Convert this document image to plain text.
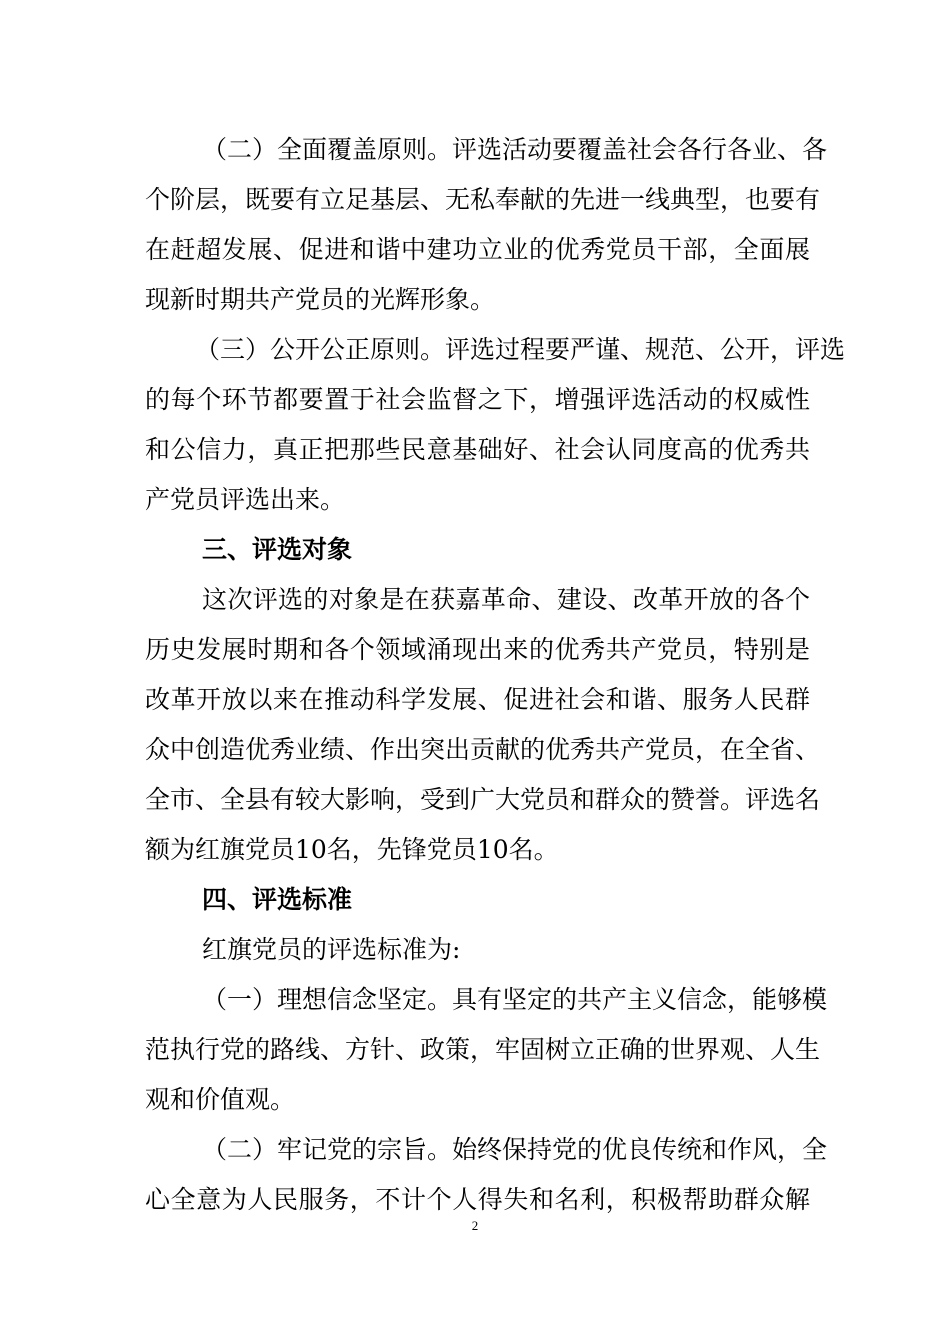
（二）全面覆盖原则。评选活动要覆盖社会各行各业、各
个阶层，既要有立足基层、无私奉献的先进一线典型，也要有
在赶超发展、促进和谐中建功立业的优秀党员干部，全面展
现新时期共产党员的光辉形象。
（三）公开公正原则。评选过程要严谨、规范、公开，评选
的每个环节都要置于社会监督之下，增强评选活动的权威性
和公信力，真正把那些民意基础好、社会认同度高的优秀共
产党员评选出来。
三、评选对象
这次评选的对象是在获嘉革命、建设、改革开放的各个
历史发展时期和各个领域涌现出来的优秀共产党员，特别是
改革开放以来在推动科学发展、促进社会和谐、服务人民群
众中创造优秀业绩、作出突出贡献的优秀共产党员，在全省、
全市、全县有较大影响，受到广大党员和群众的赞誉。评选名
额为红旗党员10名，先锋党员10名。
四、评选标准
红旗党员的评选标准为:
（一）理想信念坚定。具有坚定的共产主义信念，能够模
范执行党的路线、方针、政策，牢固树立正确的世界观、人生
观和价值观。
（二）牢记党的宗旨。始终保持党的优良传统和作风，全
心全意为人民服务，不计个人得失和名利，积极帮助群众解
2
